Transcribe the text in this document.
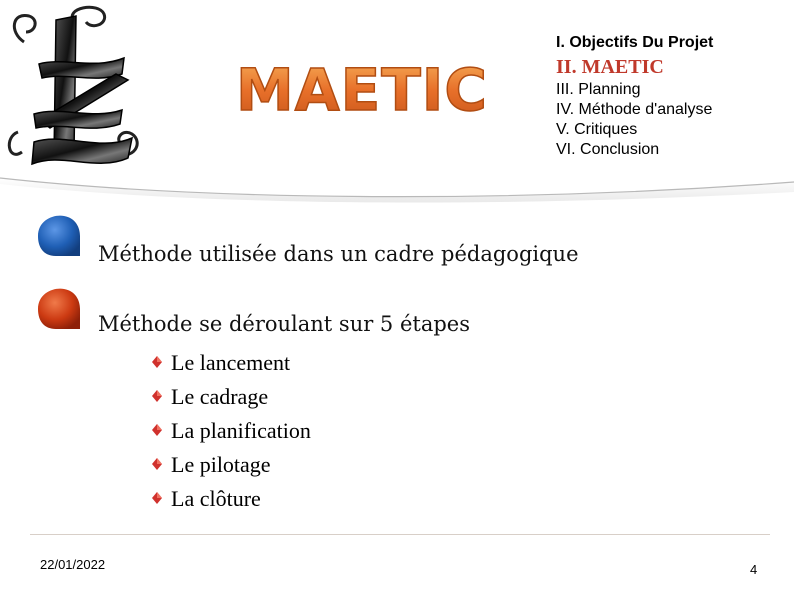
MAETIC
I. Objectifs Du Projet
II. MAETIC
III. Planning
IV. Méthode d'analyse
V. Critiques
VI. Conclusion
Méthode utilisée dans un cadre pédagogique
Méthode se déroulant sur 5 étapes
Le lancement
Le cadrage
La planification
Le pilotage
La clôture
22/01/2022	4
